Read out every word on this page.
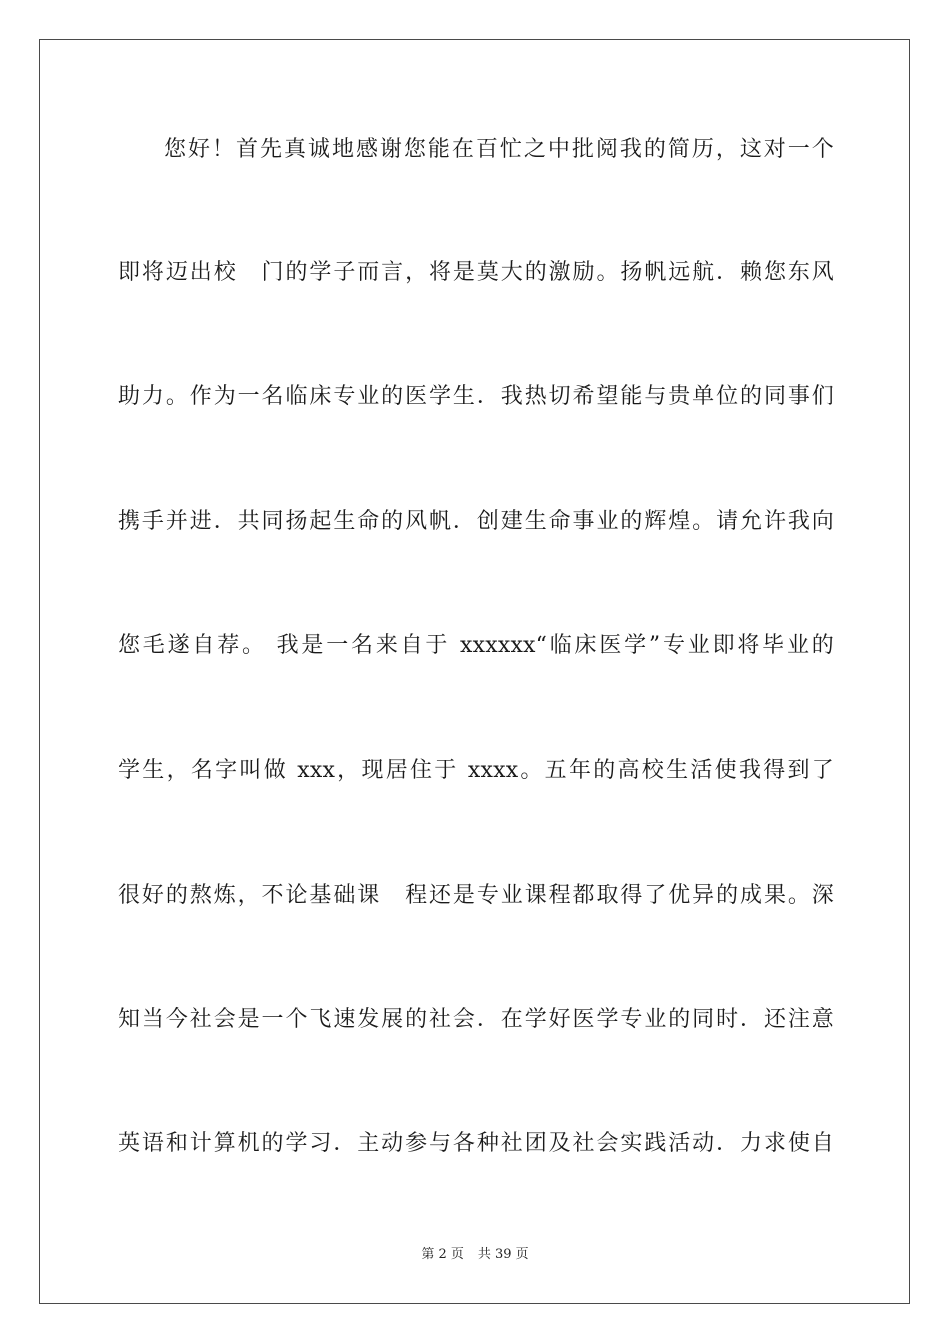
您好！首先真诚地感谢您能在百忙之中批阅我的简历，这对一个
即将迈出校　门的学子而言，将是莫大的激励。扬帆远航．赖您东风
助力。作为一名临床专业的医学生．我热切希望能与贵单位的同事们
携手并进．共同扬起生命的风帆．创建生命事业的辉煌。请允许我向
您毛遂自荐。 我是一名来自于 xxxxxx“临床医学”专业即将毕业的
学生，名字叫做 xxx，现居住于 xxxx。五年的高校生活使我得到了
很好的熬炼，不论基础课　程还是专业课程都取得了优异的成果。深
知当今社会是一个飞速发展的社会．在学好医学专业的同时．还注意
英语和计算机的学习．主动参与各种社团及社会实践活动．力求使自
第 2 页 共 39 页
